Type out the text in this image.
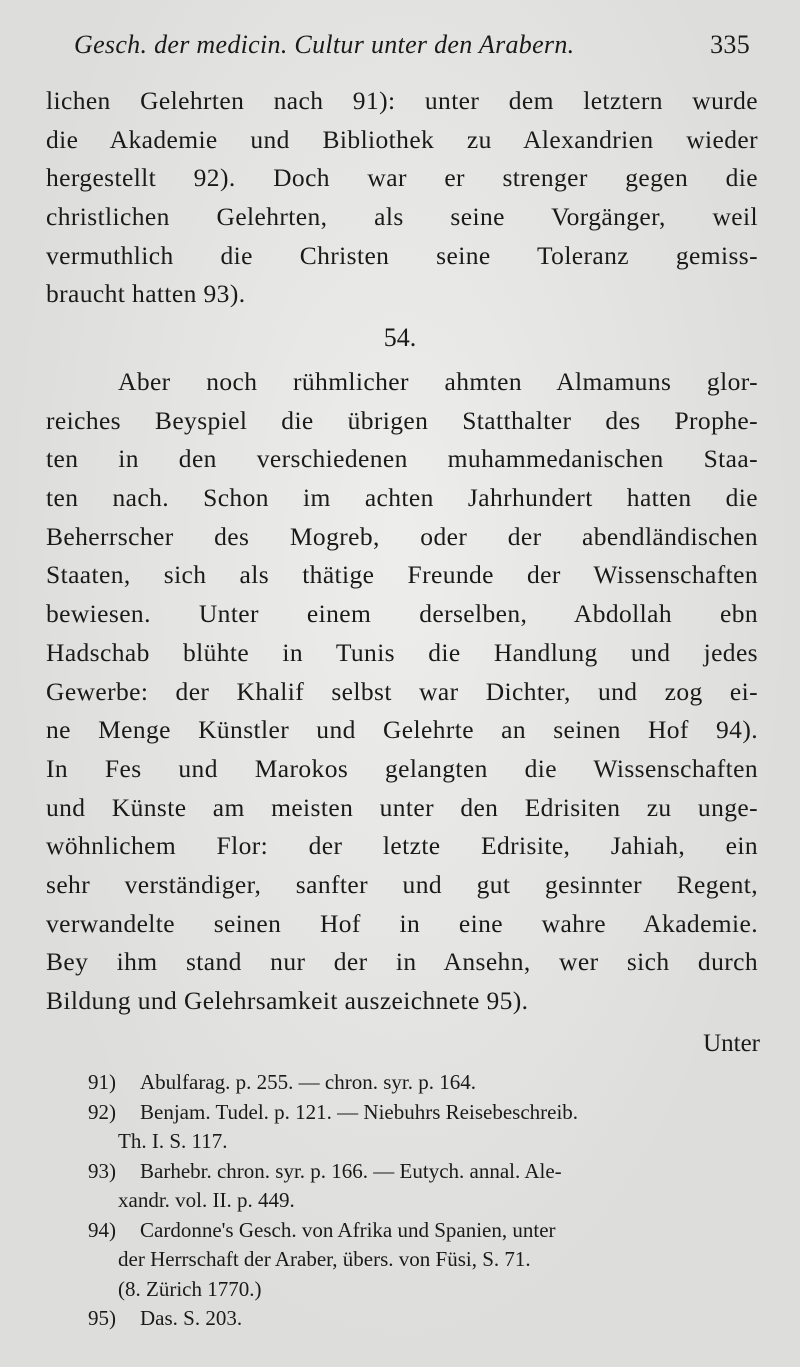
Gesch. der medicin. Cultur unter den Arabern.	335
lichen Gelehrten nach 91): unter dem letztern wurde
die Akademie und Bibliothek zu Alexandrien wieder
hergestellt 92). Doch war er strenger gegen die
christlichen Gelehrten, als seine Vorgänger, weil
vermuthlich die Christen seine Toleranz gemiss-
braucht hatten 93).
54.
Aber noch rühmlicher ahmten Almamuns glor-
reiches Beyspiel die übrigen Statthalter des Prophe-
ten in den verschiedenen muhammedanischen Staa-
ten nach. Schon im achten Jahrhundert hatten die
Beherrscher des Mogreb, oder der abendländischen
Staaten, sich als thätige Freunde der Wissenschaften
bewiesen. Unter einem derselben, Abdollah ebn
Hadschab blühte in Tunis die Handlung und jedes
Gewerbe: der Khalif selbst war Dichter, und zog ei-
ne Menge Künstler und Gelehrte an seinen Hof 94).
In Fes und Marokos gelangten die Wissenschaften
und Künste am meisten unter den Edrisiten zu unge-
wöhnlichem Flor: der letzte Edrisite, Jahiah, ein
sehr verständiger, sanfter und gut gesinnter Regent,
verwandelte seinen Hof in eine wahre Akademie.
Bey ihm stand nur der in Ansehn, wer sich durch
Bildung und Gelehrsamkeit auszeichnete 95).
Unter
91)	Abulfarag. p. 255. — chron. syr. p. 164.
92) Benjam. Tudel. p. 121. — Niebuhrs Reisebeschreib.
Th. I. S. 117.
93) Barhebr. chron. syr. p. 166. — Eutych. annal. Ale-
xandr. vol. II. p. 449.
94) Cardonne's Gesch. von Afrika und Spanien, unter
der Herrschaft der Araber, übers. von Füsi, S. 71.
(8. Zürich 1770.)
95)	Das. S. 203.
